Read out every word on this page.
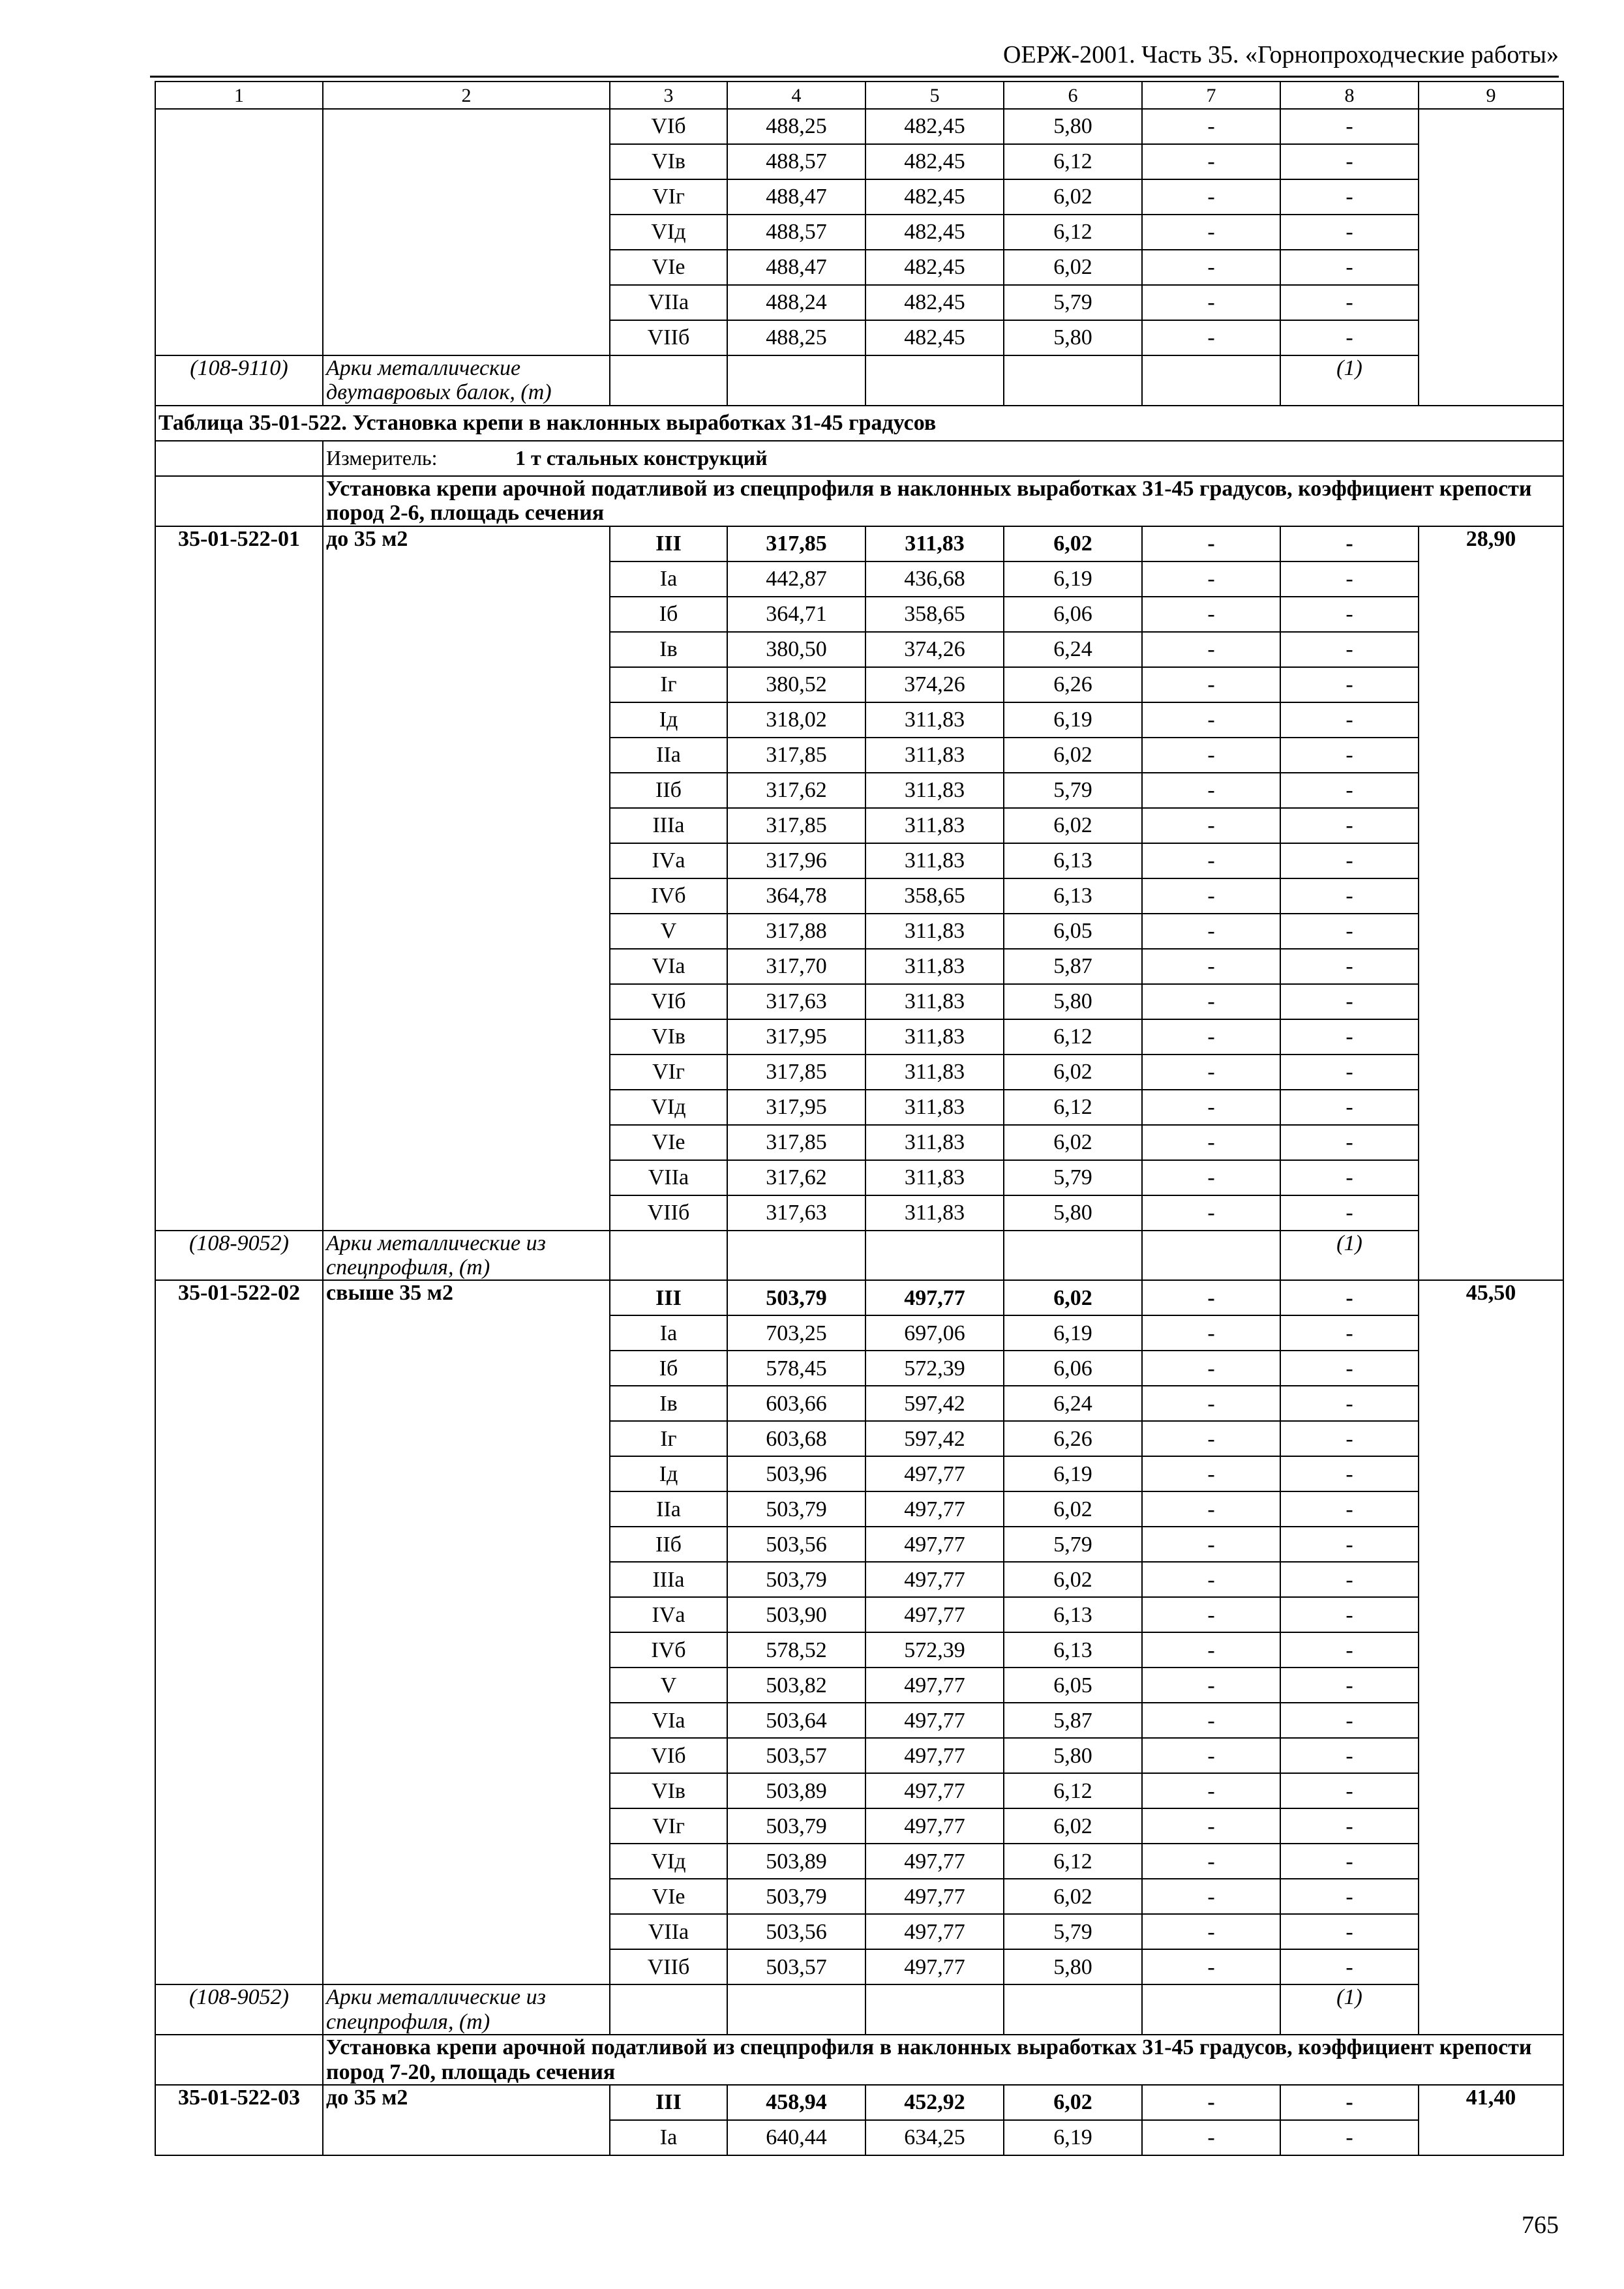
ОЕРЖ-2001. Часть 35. «Горнопроходческие работы»
1	2	3	4	5	6	7	8	9
		VIб	488,25	482,45	5,80	-	-	
		VIв	488,57	482,45	6,12	-	-	
		VIг	488,47	482,45	6,02	-	-	
		VIд	488,57	482,45	6,12	-	-	
		VIе	488,47	482,45	6,02	-	-	
		VIIа	488,24	482,45	5,79	-	-	
		VIIб	488,25	482,45	5,80	-	-	
(108-9110)	Арки металлические двутавровых балок, (т)						(1)	
Таблица 35-01-522. Установка крепи в наклонных выработках 31-45 градусов								
	Измеритель: 1 т стальных конструкций							
	Установка крепи арочной податливой из спецпрофиля в наклонных выработках 31-45 градусов, коэффициент крепости пород 2-6, площадь сечения							
35-01-522-01	до 35 м2	III	317,85	311,83	6,02	-	-	28,90
		Iа	442,87	436,68	6,19	-	-	
		Iб	364,71	358,65	6,06	-	-	
		Iв	380,50	374,26	6,24	-	-	
		Iг	380,52	374,26	6,26	-	-	
		Iд	318,02	311,83	6,19	-	-	
		IIа	317,85	311,83	6,02	-	-	
		IIб	317,62	311,83	5,79	-	-	
		IIIа	317,85	311,83	6,02	-	-	
		IVа	317,96	311,83	6,13	-	-	
		IVб	364,78	358,65	6,13	-	-	
		V	317,88	311,83	6,05	-	-	
		VIа	317,70	311,83	5,87	-	-	
		VIб	317,63	311,83	5,80	-	-	
		VIв	317,95	311,83	6,12	-	-	
		VIг	317,85	311,83	6,02	-	-	
		VIд	317,95	311,83	6,12	-	-	
		VIе	317,85	311,83	6,02	-	-	
		VIIа	317,62	311,83	5,79	-	-	
		VIIб	317,63	311,83	5,80	-	-	
(108-9052)	Арки металлические из спецпрофиля, (т)						(1)	
35-01-522-02	свыше 35 м2	III	503,79	497,77	6,02	-	-	45,50
		Iа	703,25	697,06	6,19	-	-	
		Iб	578,45	572,39	6,06	-	-	
		Iв	603,66	597,42	6,24	-	-	
		Iг	603,68	597,42	6,26	-	-	
		Iд	503,96	497,77	6,19	-	-	
		IIа	503,79	497,77	6,02	-	-	
		IIб	503,56	497,77	5,79	-	-	
		IIIа	503,79	497,77	6,02	-	-	
		IVа	503,90	497,77	6,13	-	-	
		IVб	578,52	572,39	6,13	-	-	
		V	503,82	497,77	6,05	-	-	
		VIа	503,64	497,77	5,87	-	-	
		VIб	503,57	497,77	5,80	-	-	
		VIв	503,89	497,77	6,12	-	-	
		VIг	503,79	497,77	6,02	-	-	
		VIд	503,89	497,77	6,12	-	-	
		VIе	503,79	497,77	6,02	-	-	
		VIIа	503,56	497,77	5,79	-	-	
		VIIб	503,57	497,77	5,80	-	-	
(108-9052)	Арки металлические из спецпрофиля, (т)						(1)	
	Установка крепи арочной податливой из спецпрофиля в наклонных выработках 31-45 градусов, коэффициент крепости пород 7-20, площадь сечения							
35-01-522-03	до 35 м2	III	458,94	452,92	6,02	-	-	41,40
		Iа	640,44	634,25	6,19	-	-	
765
